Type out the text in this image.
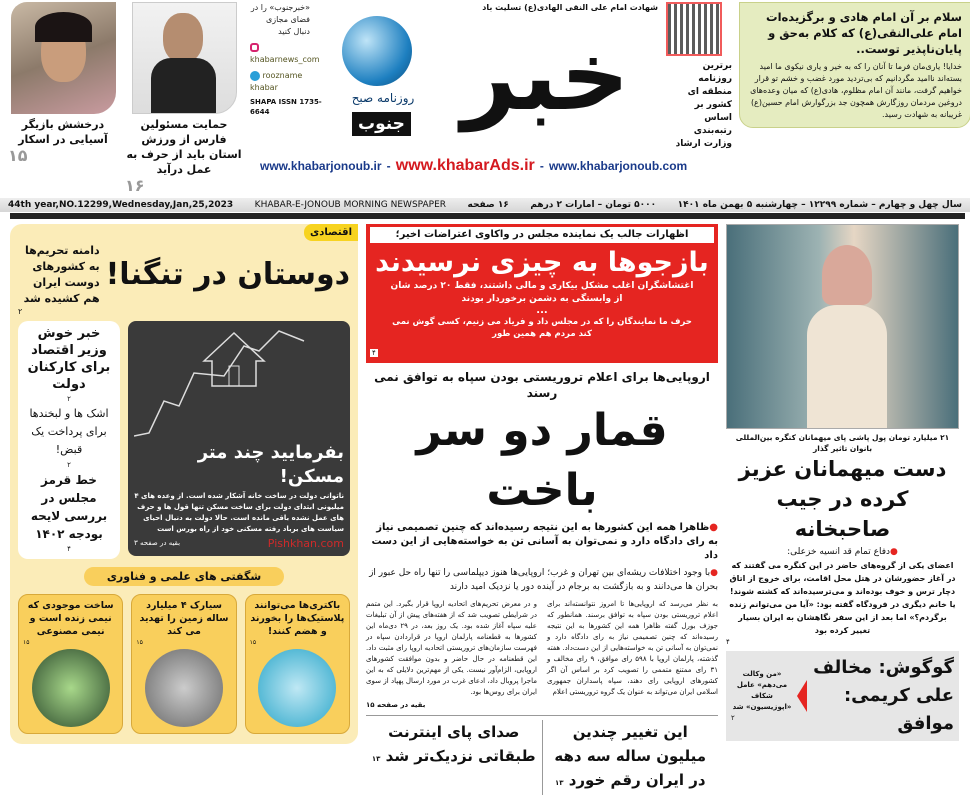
درخشش بازیگر آسیایی در اسکار
۱۵
حمایت مسئولین فارس از ورزش استان باید از حرف به عمل درآید
۱۶
«خبرجنوب» را در فضای مجازی دنبال کنید
khabarnews_com
roozname khabar
SHAPA ISSN 1735-6644
شهادت امام علی النقی الهادی(ع) تسلیت باد
روزنامه صبح
جنوب خبر	برترین روزنامه منطقه ای کشور بر اساس رتبه‌بندی وزارت ارشاد
www.khabarjonoub.ir - www.khabarAds.ir - www.khabarjonoub.com
سلام بر آن امام هادی و برگزیده‌ات امام علی‌النقی(ع) که کلام به‌حق و پایان‌ناپذیر توست..
خدایا! یاری‌مان فرما تا آنان را که به خیر و یاری نیکوی ما امید بسته‌اند ناامید مگردانیم که بی‌تردید مورد غضب و خشم تو قرار خواهیم گرفت، مانند آن امام مظلوم، هادی(ع) که میان وعده‌های دروغین مردمان روزگارش همچون جد بزرگوارش امام حسین(ع) غریبانه به شهادت رسید.
44th year,NO.12299,Wednesday,Jan,25,2023 KHABAR-E-JONOUB MORNING NEWSPAPER ۱۶ صفحه ۵۰۰۰ تومان – امارات ۲ درهم سال چهل و چهارم – شماره ۱۲۲۹۹ – چهارشنبه ۵ بهمن ماه ۱۴۰۱
اقتصادی
دوستان در تنگنا!
دامنه تحریم‌ها به کشورهای دوست ایران هم کشیده شد
۲
خبر خوش وزیر اقتصاد برای کارکنان دولت
۲
اشک ها و لبخندها برای پرداخت یک قبض!
۲
خط قرمز مجلس در بررسی لایحه بودجه ۱۴۰۲
۴
بفرمایید چند متر مسکن!
ناتوانی دولت در ساخت خانه آشکار شده است. از وعده های ۴ میلیونی ابتدای دولت برای ساخت مسکن تنها قول ها و حرف های عمل نشده باقی مانده است. حالا دولت به دنبال احیای سیاست های برباد رفته مسکنی خود از راه بورس است
بقیه در صفحه ۳	Pishkhan.com
شگفتی های علمی و فناوری
باکتری‌ها می‌توانند پلاستیک‌ها را بخورند و هضم کنند!
۱۵
سیارک ۴ میلیارد ساله زمین را تهدید می کند
۱۵
ساخت موجودی که نیمی زنده است و نیمی مصنوعی
۱۵
اظهارات جالب یک نماینده مجلس در واکاوی اعتراضات اخیر؛
بازجوها به چیزی نرسیدند
اغتشاشگران اغلب مشکل بیکاری و مالی داشتند، فقط ۲۰ درصد شان از وابستگی به دشمن برخوردار بودند
...
حرف ما نمایندگان را که در مجلس داد و فریاد می زنیم، کسی گوش نمی کند مردم هم همین طور
۴
اروپایی‌ها برای اعلام تروریستی بودن سپاه به توافق نمی رسند
قمار دو سر باخت
●ظاهرا همه این کشورها به این نتیجه رسیده‌اند که چنین تصمیمی نیاز به رای دادگاه دارد و نمی‌توان به آسانی تن به خواسته‌هایی از این دست داد
●با وجود اختلافات ریشه‌ای بین تهران و غرب؛ اروپایی‌ها هنوز دیپلماسی را تنها راه حل عبور از بحران ها می‌دانند و به بازگشت به برجام در آینده دور یا نزدیک امید دارند
به نظر می‌رسد که اروپایی‌ها تا امروز نتوانسته‌اند برای اعلام تروریستی بودن سپاه به توافق برسند. همانطور که جوزف بورل گفته ظاهرا همه این کشورها به این نتیجه رسیده‌اند که چنین تصمیمی نیاز به رای دادگاه دارد و نمی‌توان به آسانی تن به خواسته‌هایی از این دست‌داد. هفته گذشته، پارلمان اروپا با ۵۹۸ رای موافق، ۹ رای مخالف و ۳۱ رای ممتنع متممی را تصویب کرد بر اساس آن اگر کشورهای اروپایی رای دهند، سپاه پاسداران جمهوری اسلامی ایران می‌تواند به عنوان یک گروه تروریستی اعلام
و در معرض تحریم‌های اتحادیه اروپا قرار بگیرد. این متمم در شرایطی تصویب شد که از هفته‌های پیش از آن تبلیغات علیه سپاه آغاز شده بود. یک روز بعد، در ۲۹ دی‌ماه این کشورها به قطعنامه پارلمان اروپا در قراردادن سپاه در فهرست سازمان‌های تروریستی اتحادیه اروپا رای مثبت داد. این قطعنامه در حال حاضر و بدون موافقت کشورهای اروپایی، الزام‌آور نیست. یکی از مهم‌ترین دلایلی که به این ماجرا پروبال داد، ادعای غرب در مورد ارسال پهپاد از سوی ایران برای روس‌ها بود.
بقیه در صفحه ۱۵
این تغییر چندین میلیون ساله سه دهه در ایران رقم خورد ۱۳
صدای پای اینترنت طبقاتی نزدیک‌تر شد ۱۳
۲۱ میلیارد تومان پول پاشی پای میهمانان کنگره بین‌المللی بانوان تاثیر گذار
دست میهمانان عزیز کرده در جیب صاحبخانه
●دفاع تمام قد انسیه خزعلی:
اعضای یکی از گروه‌های حاضر در این کنگره می گفتند که در آغاز حضورشان در هتل محل اقامت، برای خروج از اتاق دچار ترس و خوف بوده‌اند و می‌ترسیده‌اند که کشته شوند! یا خانم دیگری در فرودگاه گفته بود: «آیا من می‌توانم زنده برگردم؟» اما بعد از این سفر نگاهشان به ایران بسیار تغییر کرده بود
۴
گوگوش: مخالف علی کریمی: موافق
«من وکالت می‌دهم» عامل شکاف «اپوزیسیون» شد
۲
